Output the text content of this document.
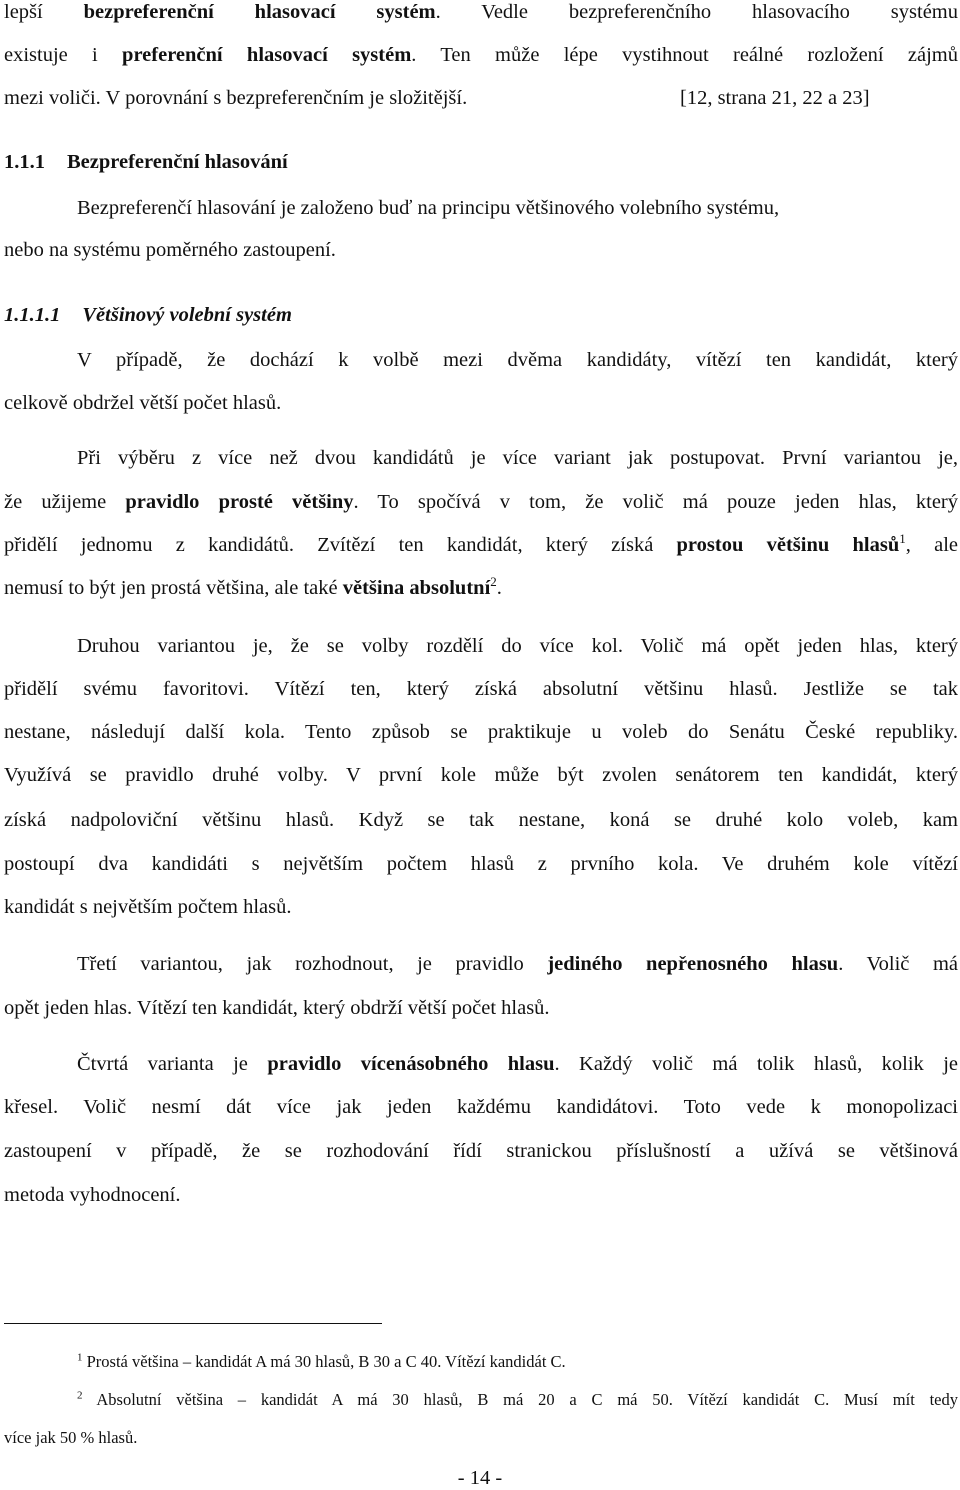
lepší bezpreferenční hlasovací systém. Vedle bezpreferenčního hlasovacího systému
existuje i preferenční hlasovací systém. Ten může lépe vystihnout reálné rozložení zájmů
mezi voliči. V porovnání s bezpreferenčním je složitější.	[12, strana 21, 22 a 23]
1.1.1 Bezpreferenční hlasování
Bezpreferenčí hlasování je založeno buď na principu většinového volebního systému,
nebo na systému poměrného zastoupení.
1.1.1.1 Většinový volební systém
V případě, že dochází k volbě mezi dvěma kandidáty, vítězí ten kandidát, který
celkově obdržel větší počet hlasů.
Při výběru z více než dvou kandidátů je více variant jak postupovat. První variantou je,
že užijeme pravidlo prosté většiny. To spočívá v tom, že volič má pouze jeden hlas, který
přidělí jednomu z kandidátů. Zvítězí ten kandidát, který získá prostou většinu hlasů$^1$, ale
nemusí to být jen prostá většina, ale také většina absolutní$^2$.
Druhou variantou je, že se volby rozdělí do více kol. Volič má opět jeden hlas, který
přidělí svému favoritovi. Vítězí ten, který získá absolutní většinu hlasů. Jestliže se tak
nestane, následují další kola. Tento způsob se praktikuje u voleb do Senátu České republiky.
Využívá se pravidlo druhé volby. V první kole může být zvolen senátorem ten kandidát, který
získá nadpoloviční většinu hlasů. Když se tak nestane, koná se druhé kolo voleb, kam
postoupí dva kandidáti s největším počtem hlasů z prvního kola. Ve druhém kole vítězí
kandidát s největším počtem hlasů.
Třetí variantou, jak rozhodnout, je pravidlo jediného nepřenosného hlasu. Volič má
opět jeden hlas. Vítězí ten kandidát, který obdrží větší počet hlasů.
Čtvrtá varianta je pravidlo vícenásobného hlasu. Každý volič má tolik hlasů, kolik je
křesel. Volič nesmí dát více jak jeden každému kandidátovi. Toto vede k monopolizaci
zastoupení v případě, že se rozhodování řídí stranickou příslušností a užívá se většinová
metoda vyhodnocení.
$^1$ Prostá většina – kandidát A má 30 hlasů, B 30 a C 40. Vítězí kandidát C.
$^2$ Absolutní většina – kandidát A má 30 hlasů, B má 20 a C má 50. Vítězí kandidát C. Musí mít tedy
více jak 50 % hlasů.
- 14 -
